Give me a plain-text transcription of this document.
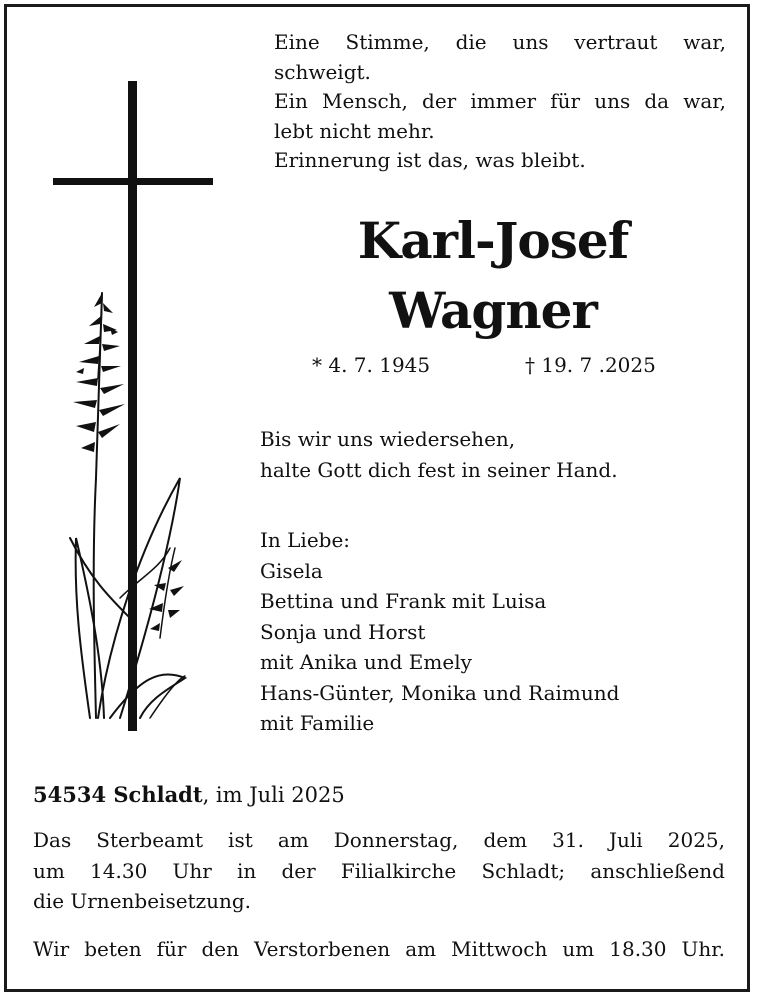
Eine Stimme, die uns vertraut war,
schweigt.
Ein Mensch, der immer für uns da war,
lebt nicht mehr.
Erinnerung ist das, was bleibt.
Karl-Josef
Wagner
* 4. 7. 1945	† 19. 7 .2025
Bis wir uns wiedersehen,
halte Gott dich fest in seiner Hand.
In Liebe:
Gisela
Bettina und Frank mit Luisa
Sonja und Horst
mit Anika und Emely
Hans-Günter, Monika und Raimund
mit Familie
54534 Schladt, im Juli 2025
Das Sterbeamt ist am Donnerstag, dem 31. Juli 2025,
um 14.30 Uhr in der Filialkirche Schladt; anschließend
die Urnenbeisetzung.
Wir beten für den Verstorbenen am Mittwoch um 18.30 Uhr.
